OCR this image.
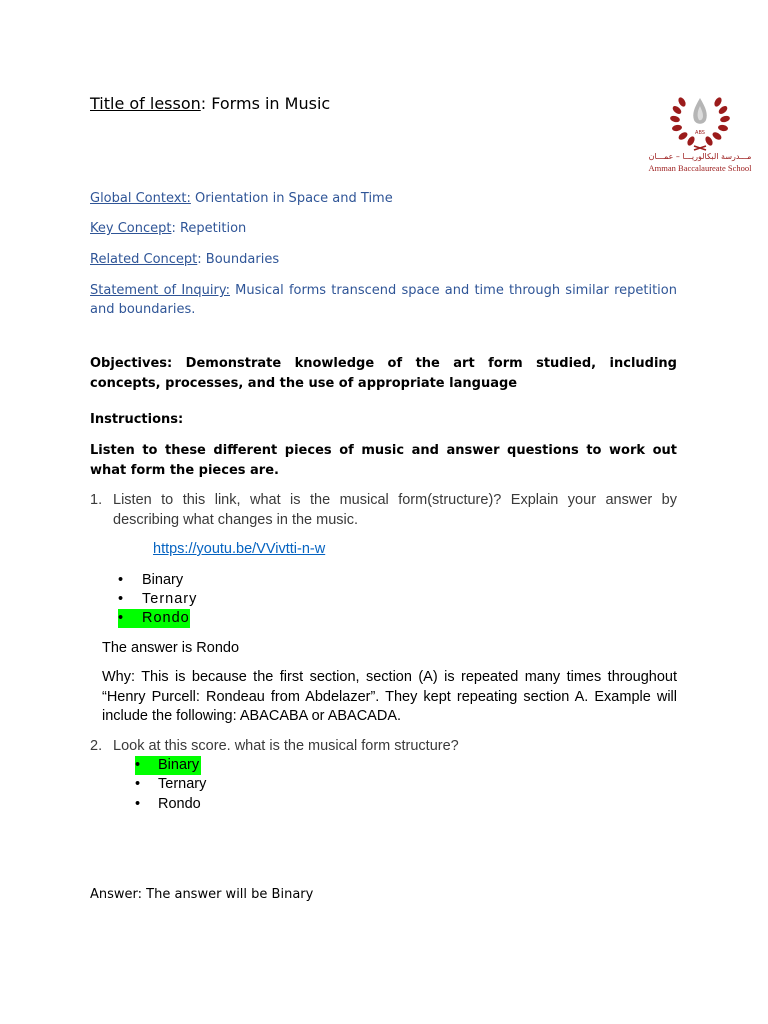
Title of lesson: Forms in Music
ABS
مـــدرسة البكالوريـــا – عمـــان
Amman Baccalaureate School
Global Context: Orientation in Space and Time
Key Concept: Repetition
Related Concept: Boundaries
Statement of Inquiry: Musical forms transcend space and time through similar repetition and boundaries.
Objectives: Demonstrate knowledge of the art form studied, including concepts, processes, and the use of appropriate language
Instructions:
Listen to these different pieces of music and answer questions to work out what form the pieces are.
1. Listen to this link, what is the musical form(structure)? Explain your answer by describing what changes in the music.
https://youtu.be/VVivtti-n-w
• Binary
• Ternary
• Rondo
The answer is Rondo
Why: This is because the first section, section (A) is repeated many times throughout “Henry Purcell: Rondeau from Abdelazer”. They kept repeating section A. Example will include the following: ABACABA or ABACADA.
2. Look at this score. what is the musical form structure?
• Binary
• Ternary
• Rondo
Answer: The answer will be Binary
